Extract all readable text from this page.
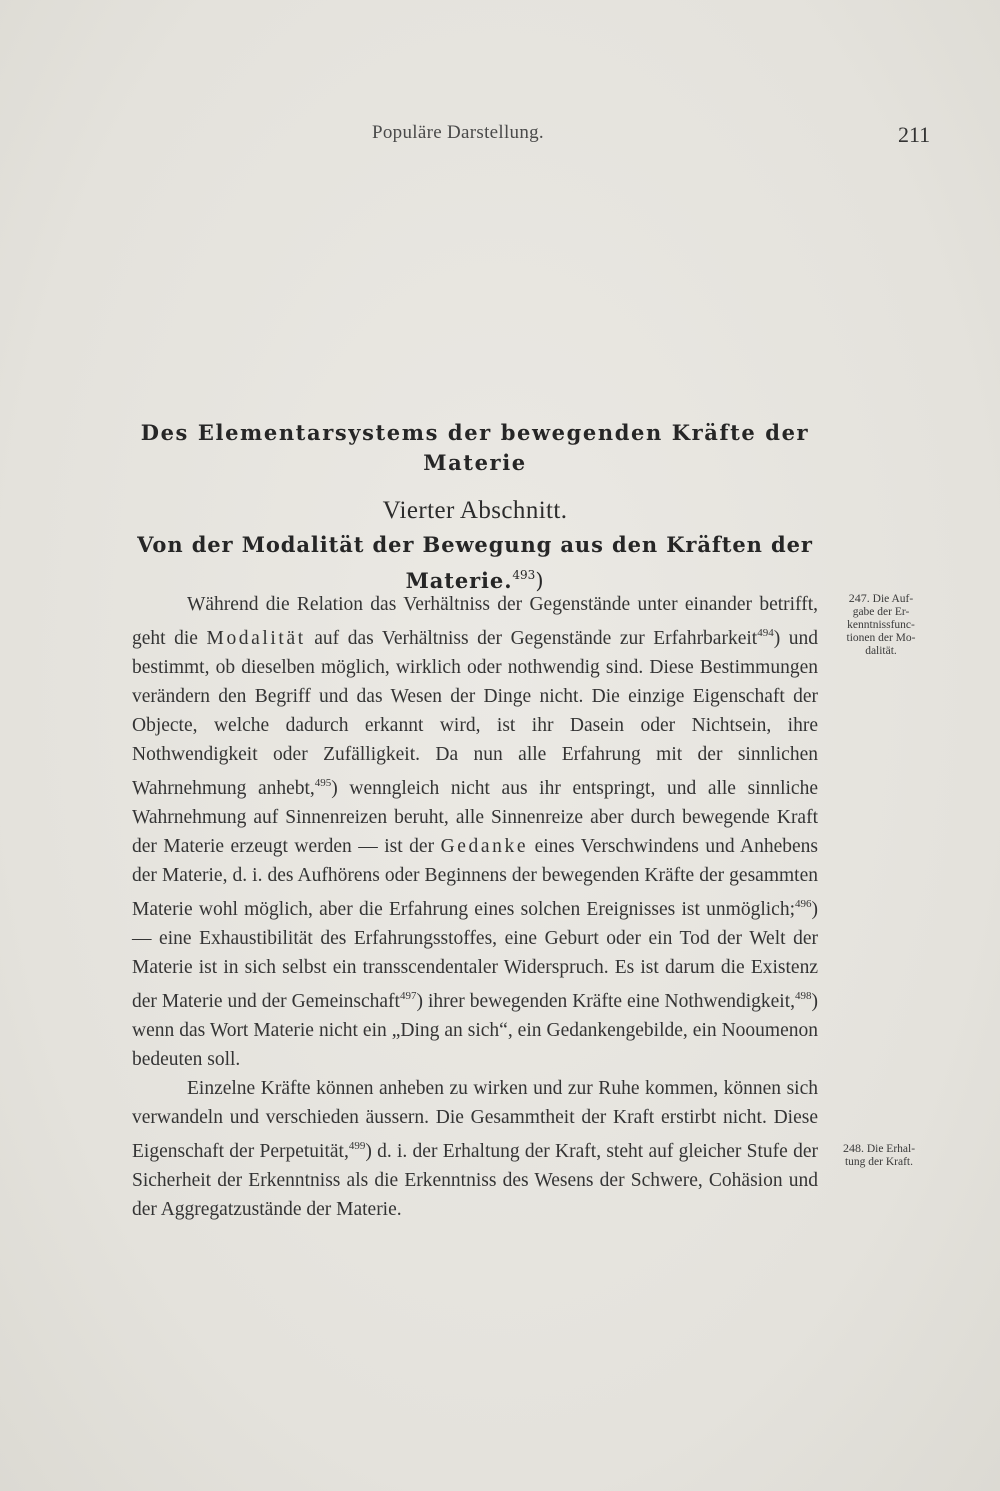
Populäre Darstellung.	211
Des Elementarsystems der bewegenden Kräfte der
Materie
Vierter Abschnitt.
Von der Modalität der Bewegung aus den Kräften der
Materie.$^{493}$)

Während die Relation das Verhältniss der Gegenstände unter einander betrifft, geht die Modalität auf das Verhältniss der Gegenstände zur Erfahrbarkeit$^{494}$) und bestimmt, ob dieselben möglich, wirklich oder nothwendig sind. Diese Bestimmungen verändern den Begriff und das Wesen der Dinge nicht. Die einzige Eigenschaft der Objecte, welche dadurch erkannt wird, ist ihr Dasein oder Nichtsein, ihre Nothwendigkeit oder Zufälligkeit. Da nun alle Erfahrung mit der sinnlichen Wahrnehmung anhebt,$^{495}$) wenngleich nicht aus ihr entspringt, und alle sinnliche Wahrnehmung auf Sinnenreizen beruht, alle Sinnenreize aber durch bewegende Kraft der Materie erzeugt werden — ist der Gedanke eines Verschwindens und Anhebens der Materie, d. i. des Aufhörens oder Beginnens der bewegenden Kräfte der gesammten Materie wohl möglich, aber die Erfahrung eines solchen Ereignisses ist unmöglich;$^{496}$) — eine Exhaustibilität des Erfahrungsstoffes, eine Geburt oder ein Tod der Welt der Materie ist in sich selbst ein transscendentaler Widerspruch. Es ist darum die Existenz der Materie und der Gemeinschaft$^{497}$) ihrer bewegenden Kräfte eine Nothwendigkeit,$^{498}$) wenn das Wort Materie nicht ein „Ding an sich“, ein Gedankengebilde, ein Nooumenon bedeuten soll.

Einzelne Kräfte können anheben zu wirken und zur Ruhe kommen, können sich verwandeln und verschieden äussern. Die Gesammtheit der Kraft erstirbt nicht. Diese Eigenschaft der Perpetuität,$^{499}$) d. i. der Erhaltung der Kraft, steht auf gleicher Stufe der Sicherheit der Erkenntniss als die Erkenntniss des Wesens der Schwere, Cohäsion und der Aggregatzustände der Materie.

247. Die Auf-
gabe der Er-
kenntnissfunc-
tionen der Mo-
dalität.
248. Die Erhal-
tung der Kraft.
